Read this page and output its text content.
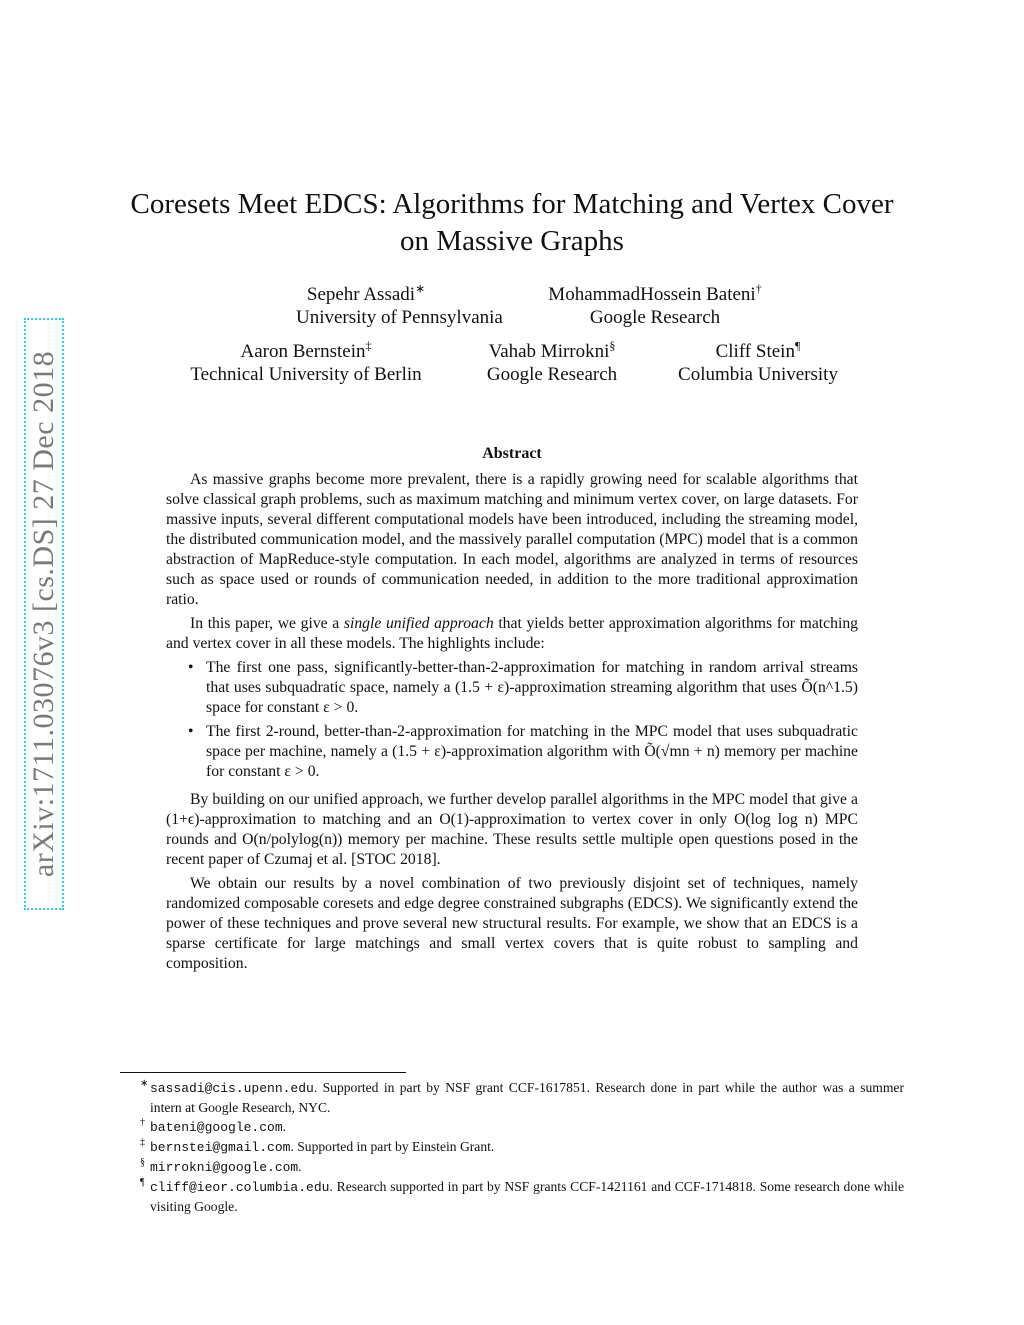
arXiv:1711.03076v3 [cs.DS] 27 Dec 2018
Coresets Meet EDCS: Algorithms for Matching and Vertex Cover
on Massive Graphs
Sepehr Assadi∗
University of Pennsylvania
MohammadHossein Bateni†
Google Research
Aaron Bernstein‡
Technical University of Berlin
Vahab Mirrokni§
Google Research
Cliff Stein¶
Columbia University
Abstract

As massive graphs become more prevalent, there is a rapidly growing need for scalable algorithms that solve classical graph problems, such as maximum matching and minimum vertex cover, on large datasets. For massive inputs, several different computational models have been introduced, including the streaming model, the distributed communication model, and the massively parallel computation (MPC) model that is a common abstraction of MapReduce-style computation. In each model, algorithms are analyzed in terms of resources such as space used or rounds of communication needed, in addition to the more traditional approximation ratio.

In this paper, we give a single unified approach that yields better approximation algorithms for matching and vertex cover in all these models. The highlights include:

• The first one pass, significantly-better-than-2-approximation for matching in random arrival streams that uses subquadratic space, namely a (1.5 + ε)-approximation streaming algorithm that uses Õ(n^1.5) space for constant ε > 0.
• The first 2-round, better-than-2-approximation for matching in the MPC model that uses subquadratic space per machine, namely a (1.5 + ε)-approximation algorithm with Õ(√mn + n) memory per machine for constant ε > 0.

By building on our unified approach, we further develop parallel algorithms in the MPC model that give a (1+ϵ)-approximation to matching and an O(1)-approximation to vertex cover in only O(log log n) MPC rounds and O(n/polylog(n)) memory per machine. These results settle multiple open questions posed in the recent paper of Czumaj et al. [STOC 2018].

We obtain our results by a novel combination of two previously disjoint set of techniques, namely randomized composable coresets and edge degree constrained subgraphs (EDCS). We significantly extend the power of these techniques and prove several new structural results. For example, we show that an EDCS is a sparse certificate for large matchings and small vertex covers that is quite robust to sampling and composition.

∗ sassadi@cis.upenn.edu. Supported in part by NSF grant CCF-1617851. Research done in part while the author was a summer intern at Google Research, NYC.
† bateni@google.com.
‡ bernstei@gmail.com. Supported in part by Einstein Grant.
§ mirrokni@google.com.
¶ cliff@ieor.columbia.edu. Research supported in part by NSF grants CCF-1421161 and CCF-1714818. Some research done while visiting Google.
